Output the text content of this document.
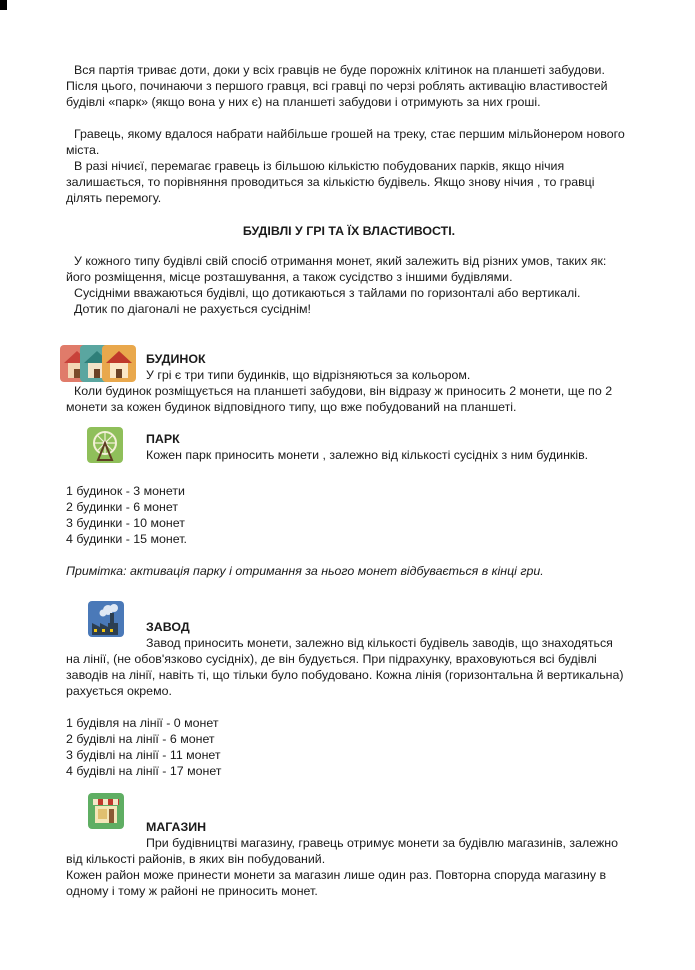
Вся партія триває доти, доки у всіх гравців не буде порожніх клітинок на планшеті забудови. Після цього, починаючи з першого гравця, всі гравці по черзі роблять активацію властивостей будівлі «парк» (якщо вона у них є) на планшеті забудови і отримують за них гроші.

Гравець, якому вдалося набрати найбільше грошей на треку, стає першим мільйонером нового міста.

В разі нічиєї, перемагає гравець із більшою кількістю побудованих парків, якщо нічия залишається, то порівняння проводиться за кількістю будівель. Якщо знову нічия , то гравці ділять перемогу.

БУДІВЛІ У ГРІ ТА ЇХ ВЛАСТИВОСТІ.

У кожного типу будівлі свій спосіб отримання монет, який залежить від різних умов, таких як: його розміщення, місце розташування, а також сусідство з іншими будівлями.

Сусідніми вважаються будівлі, що дотикаються з тайлами по горизонталі або вертикалі.

Дотик по діагоналі не рахується сусіднім!

БУДИНОК

У грі є три типи будинків, що відрізняються за кольором.

Коли будинок розміщується на планшеті забудови, він відразу ж приносить 2 монети, ще по 2 монети за кожен будинок відповідного типу, що вже побудований на планшеті.

ПАРК

Кожен парк приносить монети , залежно від кількості сусідніх з ним будинків.

1 будинок - 3 монети

2 будинки - 6 монет

3 будинки - 10 монет

4 будинки - 15 монет.

Примітка: активація парку і отримання за нього монет відбувається в кінці гри.

ЗАВОД

Завод приносить монети, залежно від кількості будівель заводів, що знаходяться

на лінії, (не обов'язково сусідніх), де він будується. При підрахунку, враховуються всі будівлі заводів на лінії, навіть ті, що тільки було побудовано. Кожна лінія (горизонтальна й вертикальна) рахується окремо.

1 будівля на лінії - 0 монет

2 будівлі на лінії - 6 монет

3 будівлі на лінії - 11 монет

4 будівлі на лінії - 17 монет

МАГАЗИН

При будівництві магазину, гравець отримує монети за будівлю магазинів, залежно

від кількості районів, в яких він побудований.

Кожен район може принести монети за магазин лише один раз. Повторна споруда магазину в одному і тому ж районі не приносить монет.
